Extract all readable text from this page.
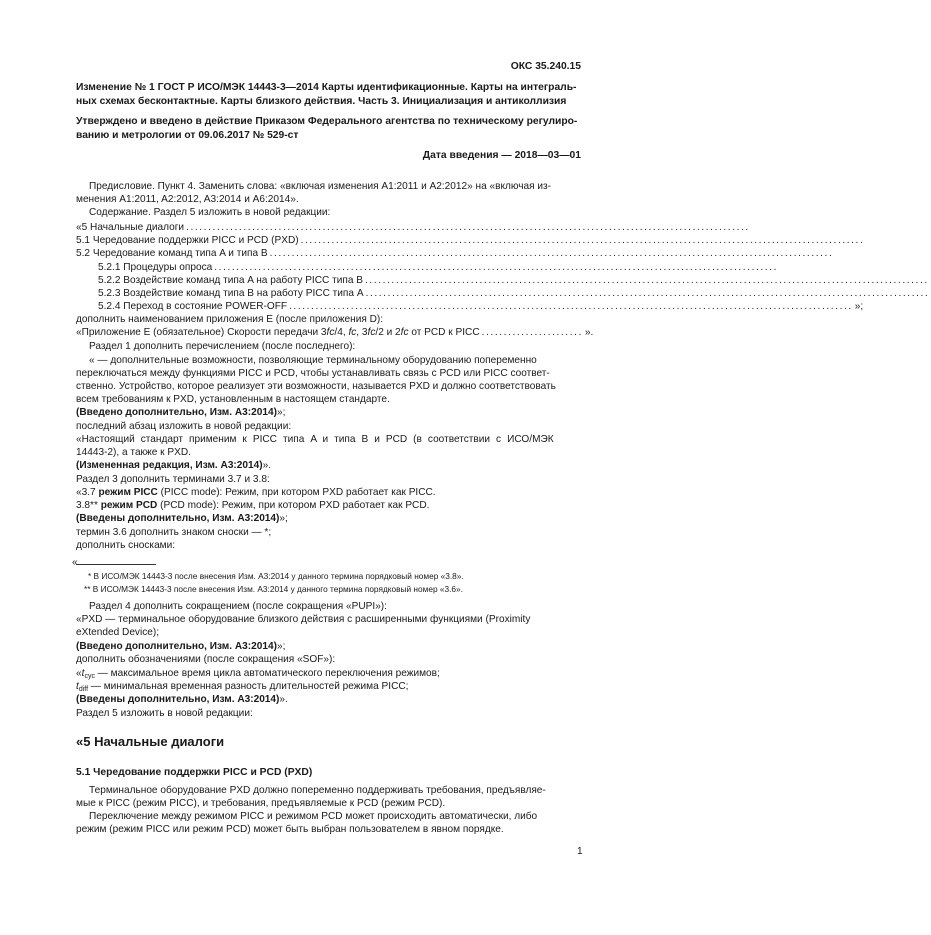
ОКС 35.240.15
Изменение № 1 ГОСТ Р ИСО/МЭК 14443-3—2014 Карты идентификационные. Карты на интеграль-
ных схемах бесконтактные. Карты близкого действия. Часть 3. Инициализация и антиколлизия
Утверждено и введено в действие Приказом Федерального агентства по техническому регулиро-
ванию и метрологии от 09.06.2017 № 529-ст
Дата введения — 2018—03—01
Предисловие. Пункт 4. Заменить слова: «включая изменения A1:2011 и A2:2012» на «включая из-
менения A1:2011, A2:2012, A3:2014 и A6:2014».
Содержание. Раздел 5 изложить в новой редакции:
«5 Начальные диалоги ................................................................................................................................
5.1 Чередование поддержки PICC и PCD (PXD) ................................................................................................................................
5.2 Чередование команд типа A и типа B ................................................................................................................................
5.2.1 Процедуры опроса ................................................................................................................................
5.2.2 Воздействие команд типа A на работу PICC типа B ................................................................................................................................
5.2.3 Воздействие команд типа B на работу PICC типа A ................................................................................................................................
5.2.4 Переход в состояние POWER-OFF ................................................................................................................................ »;
дополнить наименованием приложения E (после приложения D):
«Приложение E (обязательное) Скорости передачи 3fc/4, fc, 3fc/2 и 2fc от PCD к PICC ....................... ».
Раздел 1 дополнить перечислением (после последнего):
« — дополнительные возможности, позволяющие терминальному оборудованию попеременно
переключаться между функциями PICC и PCD, чтобы устанавливать связь с PCD или PICC соответ-
ственно. Устройство, которое реализует эти возможности, называется PXD и должно соответствовать
всем требованиям к PXD, установленным в настоящем стандарте.
(Введено дополнительно, Изм. A3:2014)»;
последний абзац изложить в новой редакции:
«Настоящий стандарт применим к PICC типа A и типа B и PCD (в соответствии с ИСО/МЭК
14443-2), а также к PXD.
(Измененная редакция, Изм. A3:2014)».
Раздел 3 дополнить терминами 3.7 и 3.8:
«3.7 режим PICC (PICC mode): Режим, при котором PXD работает как PICC.
3.8** режим PCD (PCD mode): Режим, при котором PXD работает как PCD.
(Введены дополнительно, Изм. A3:2014)»;
термин 3.6 дополнить знаком сноски — *;
дополнить сносками:
«
* В ИСО/МЭК 14443-3 после внесения Изм. A3:2014 у данного термина порядковый номер «3.8».
** В ИСО/МЭК 14443-3 после внесения Изм. A3:2014 у данного термина порядковый номер «3.6».
Раздел 4 дополнить сокращением (после сокращения «PUPI»):
«PXD — терминальное оборудование близкого действия с расширенными функциями (Proximity
eXtended Device);
(Введено дополнительно, Изм. A3:2014)»;
дополнить обозначениями (после сокращения «SOF»):
«$t_{cyc}$ — максимальное время цикла автоматического переключения режимов;
$t_{diff}$ — минимальная временная разность длительностей режима PICC;
(Введены дополнительно, Изм. A3:2014)».
Раздел 5 изложить в новой редакции:
«5 Начальные диалоги
5.1 Чередование поддержки PICC и PCD (PXD)
Терминальное оборудование PXD должно попеременно поддерживать требования, предъявляе-
мые к PICC (режим PICC), и требования, предъявляемые к PCD (режим PCD).
Переключение между режимом PICC и режимом PCD может происходить автоматически, либо
режим (режим PICC или режим PCD) может быть выбран пользователем в явном порядке.
1
